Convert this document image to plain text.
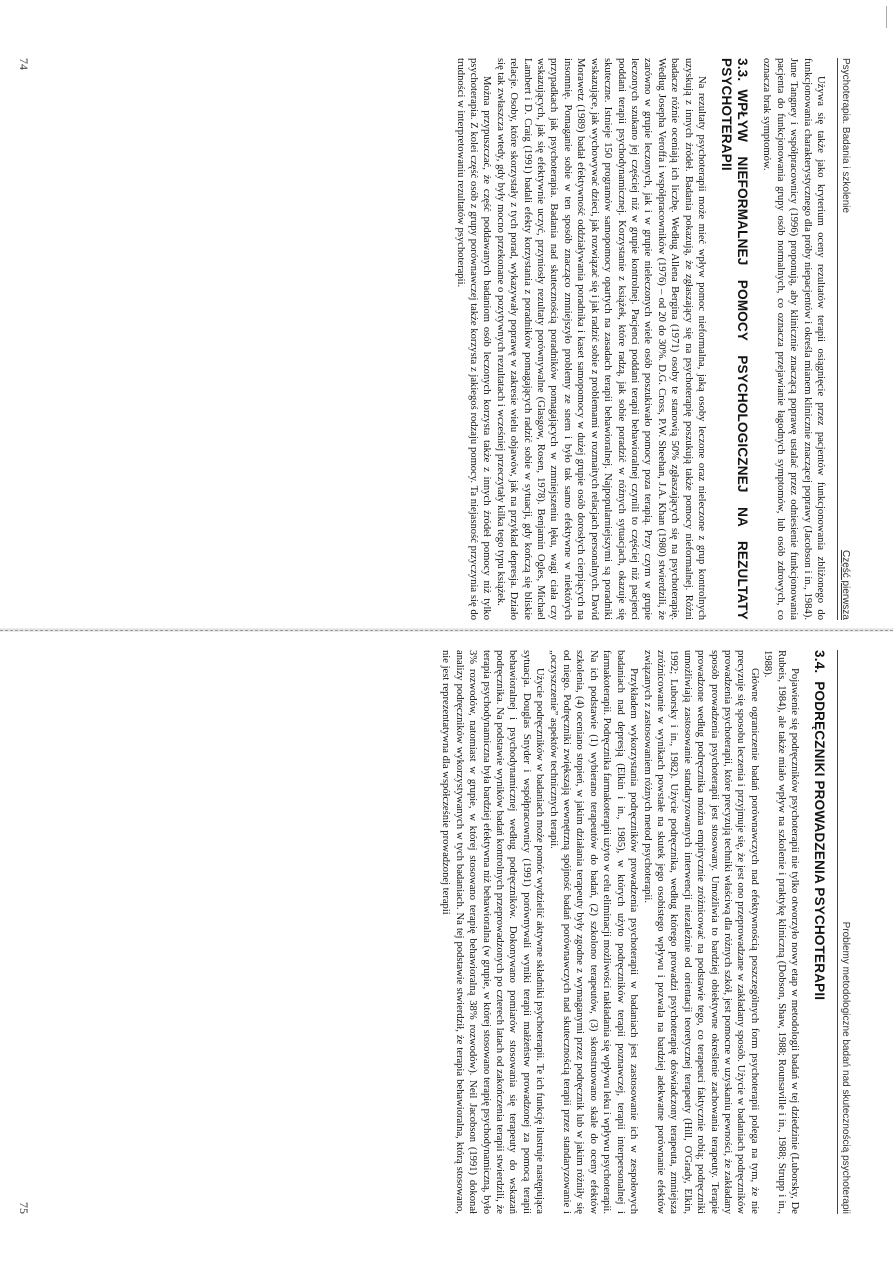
Psychoterapia. Badania i szkolenie
Część pierwsza

Używa się także jako kryterium oceny rezultatów terapii osiągnięcie przez pacjentów funkcjonowania zbliżonego do funkcjonowania charakterystycznego dla próby niepacjentów i określa mianem klinicznie znaczącej poprawy (Jacobson i in., 1984). June Tangney i współpracownicy (1996) proponują, aby klinicznie znaczącą poprawę ustalać przez odniesienie funkcjonowania pacjenta do funkcjonowania grupy osób normalnych, co oznacza przejawianie łagodnych symptomów, lub osób zdrowych, co oznacza brak symptomów.

3.3.WPŁYW NIEFORMALNEJ POMOCY PSYCHOLOGICZNEJ NA REZULTATY PSYCHOTERAPII

Na rezultaty psychoterapii może mieć wpływ pomoc nieformalna, jaką osoby leczone oraz nieleczone z grup kontrolnych uzyskują z innych źródeł. Badania pokazują, że zgłaszający się na psychoterapię poszukują także pomocy nieformalnej. Różni badacze różnie oceniają ich liczbę. Według Allena Bergina (1971) osoby te stanowią 50% zgłaszających się na psychoterapię. Według Josepha Veroffa i współpracowników (1976) – od 20 do 30%. D.G. Cross, P.W. Sheehan, J.A. Khan (1980) stwierdzili, że zarówno w grupie leczonych, jak i w grupie nieleczonych wiele osób poszukiwało pomocy poza terapią. Przy czym w grupie leczonych szukano jej częściej niż w grupie kontrolnej. Pacjenci poddani terapii behawioralnej czynili to częściej niż pacjenci poddani terapii psychodynamicznej. Korzystanie z książek, które radzą, jak sobie poradzić w różnych sytuacjach, okazuje się skuteczne. Istnieje 150 programów samopomocy opartych na zasadach terapii behawioralnej. Najpopularniejszymi są poradniki wskazujące, jak wychowywać dzieci, jak rozwiązać się i jak radzić sobie z problemami w rozmaitych relacjach personalnych. David Morawetz (1989) badał efektywność oddziaływania poradnika i kaset samopomocy w dużej grupie osób dorosłych cierpiących na insomnię. Pomaganie sobie w ten sposób znacząco zmniejszyło problemy ze snem i było tak samo efektywne w niektórych przypadkach jak psychoterapia. Badania nad skutecznością poradników pomagających w zmniejszeniu lęku, wagi ciała czy wskazujących, jak się efektywnie uczyć, przyniosły rezultaty porównywalne (Glasgow, Rosen, 1978). Benjamin Ogles, Michael Lambert i D. Craig (1991) badali efekty korzystania z poradników pomagających radzić sobie w sytuacji, gdy kończą się bliskie relacje. Osoby, które skorzystały z tych porad, wykazywały poprawę w zakresie wielu objawów, jak na przykład depresja. Działo się tak zwłaszcza wtedy, gdy były mocno przekonane o pozytywnych rezultatach i wcześniej przeczytały kilka tego typu książek.

Można przypuszczać, że część poddawanych badaniom osób leczonych korzysta także z innych źródeł pomocy niż tylko psychoterapia. Z kolei część osób z grupy porównawczej także korzysta z jakiegoś rodzaju pomocy. Ta niejasność przyczynia się do trudności w interpretowaniu rezultatów psychoterapii.

74
Problemy metodologiczne badań nad skutecznością psychoterapii
3.4.PODRĘCZNIKI PROWADZENIA PSYCHOTERAPII

Pojawienie się podręczników psychoterapii nie tylko otworzyło nowy etap w metodologii badań w tej dziedzinie (Luborsky, De Rubeis, 1984), ale także miało wpływ na szkolenie i praktykę kliniczną (Dobson, Shaw, 1988; Rounsaville i in., 1988; Strupp i in., 1988).

Główne ograniczenie badań porównawczych nad efektywnością poszczególnych form psychoterapii polega na tym, że nie precyzuje się sposobu leczenia i przyjmuje się, że jest ono przeprowadzane w zakładany sposób. Użycie w badaniach podręczników prowadzenia psychoterapii, które precyzują techniki właściwą dla różnych szkół, jest pomocne w uzyskaniu pewności, że zakładany sposób prowadzenia psychoterapii jest stosowany. Umożliwia to bardziej obiektywne określenie zachowania terapeuty. Terapie prowadzone według podręcznika można empirycznie zróżnicować na podstawie tego, co terapeuci faktycznie robią; podręczniki umożliwiają zastosowanie standaryzowanych interwencji niezależnie od orientacji teoretycznej terapeuty (Hill, O'Grady, Elkin, 1992; Luborsky i in., 1982). Użycie podręcznika, według którego prowadzi psychoterapię doświadczony terapeuta, zmniejsza zróżnicowanie w wynikach powstałe na skutek jego osobistego wpływu i pozwala na bardziej adekwatne porównanie efektów związanych z zastosowaniem różnych metod psychoterapii.

Przykładem wykorzystania podręczników prowadzenia psychoterapii w badaniach jest zastosowanie ich w zespołowych badaniach nad depresją (Elkin i in., 1985), w których użyto podręczników terapii poznawczej, terapii interpersonalnej i farmakoterapii. Podręcznika farmakoterapii użyto w celu eliminacji możliwości nakładania się wpływu leku i wpływu psychoterapii. Na ich podstawie (1) wybierano terapeutów do badań, (2) szkolono terapeutów, (3) skonstruowano skale do oceny efektów szkolenia, (4) oceniano stopień, w jakim działania terapeuty były zgodne z wymaganymi przez podręcznik lub w jakim różniły się od niego. Podręczniki zwiększają wewnętrzną spójność badań porównawczych nad skutecznością terapii przez standaryzowanie i „oczyszczenie” aspektów technicznych terapii.

Użycie podręczników w badaniach może pomóc wydzielić aktywne składniki psychoterapii. Te ich funkcję ilustruje następująca sytuacja. Douglas Snyder i współpracownicy (1991) porównywali wyniki terapii małżeństw prowadzonej za pomocą terapii behawioralnej i psychodynamicznej według podręczników. Dokonywano pomiarów stosowania się terapeuty do wskazań podręcznika. Na podstawie wyników badań kontrolnych przeprowadzonych po czterech latach od zakończenia terapii stwierdzili, że terapia psychodynamiczna była bardziej efektywna niż behawioralna (w grupie, w której stosowano terapię psychodynamiczną, było 3% rozwodów, natomiast w grupie, w której stosowano terapię behawioralną 38% rozwodów). Neil Jacobson (1991) dokonał analizy podręczników wykorzystywanych w tych badaniach. Na tej podstawie stwierdził, że terapia behawioralna, którą stosowano, nie jest reprezentatywna dla współcześnie prowadzonej terapii

75
